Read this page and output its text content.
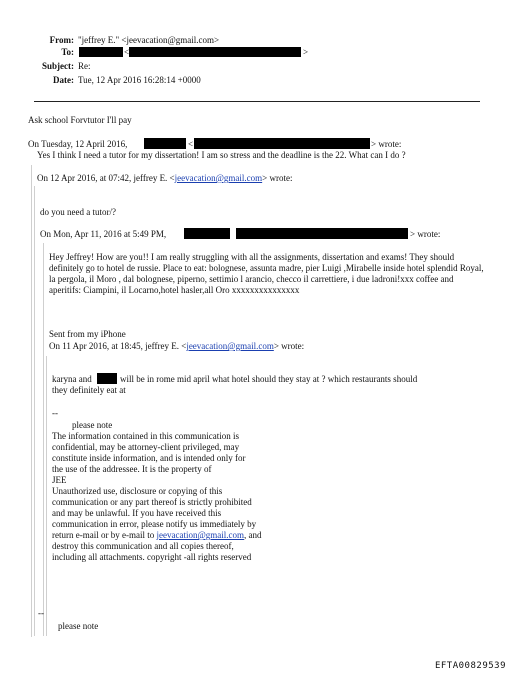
From: "jeffrey E." <jeevacation@gmail.com>
To:	<	>
Subject: Re:
Date: Tue, 12 Apr 2016 16:28:14 +0000
Ask school Forvtutor I'll pay
On Tuesday, 12 April 2016,	<	> wrote:
Yes I think I need a tutor for my dissertation! I am so stress and the deadline is the 22. What can I do ?
On 12 Apr 2016, at 07:42, jeffrey E. <jeevacation@gmail.com> wrote:
do you need a tutor/?
On Mon, Apr 11, 2016 at 5:49 PM,	> wrote:
Hey Jeffrey! How are you!! I am really struggling with all the assignments, dissertation and exams! They should definitely go to hotel de russie. Place to eat: bolognese, assunta madre, pier Luigi ,Mirabelle inside hotel splendid Royal, la pergola, il Moro , dal bolognese, piperno, settimio l arancio, checco il carrettiere, i due ladroni!xxx coffee and aperitifs: Ciampini, il Locarno,hotel hasler,all Oro xxxxxxxxxxxxxxx
Sent from my iPhone
On 11 Apr 2016, at 18:45, jeffrey E. <jeevacation@gmail.com> wrote:
karyna and	will be in rome mid april what hotel should they stay at ? which restaurants should
they definitely eat at
--
please note
The information contained in this communication is
confidential, may be attorney-client privileged, may
constitute inside information, and is intended only for
the use of the addressee. It is the property of
JEE
Unauthorized use, disclosure or copying of this
communication or any part thereof is strictly prohibited
and may be unlawful. If you have received this
communication in error, please notify us immediately by
return e-mail or by e-mail to jeevacation@gmail.com, and
destroy this communication and all copies thereof,
including all attachments. copyright -all rights reserved
--
please note
EFTA00829539
